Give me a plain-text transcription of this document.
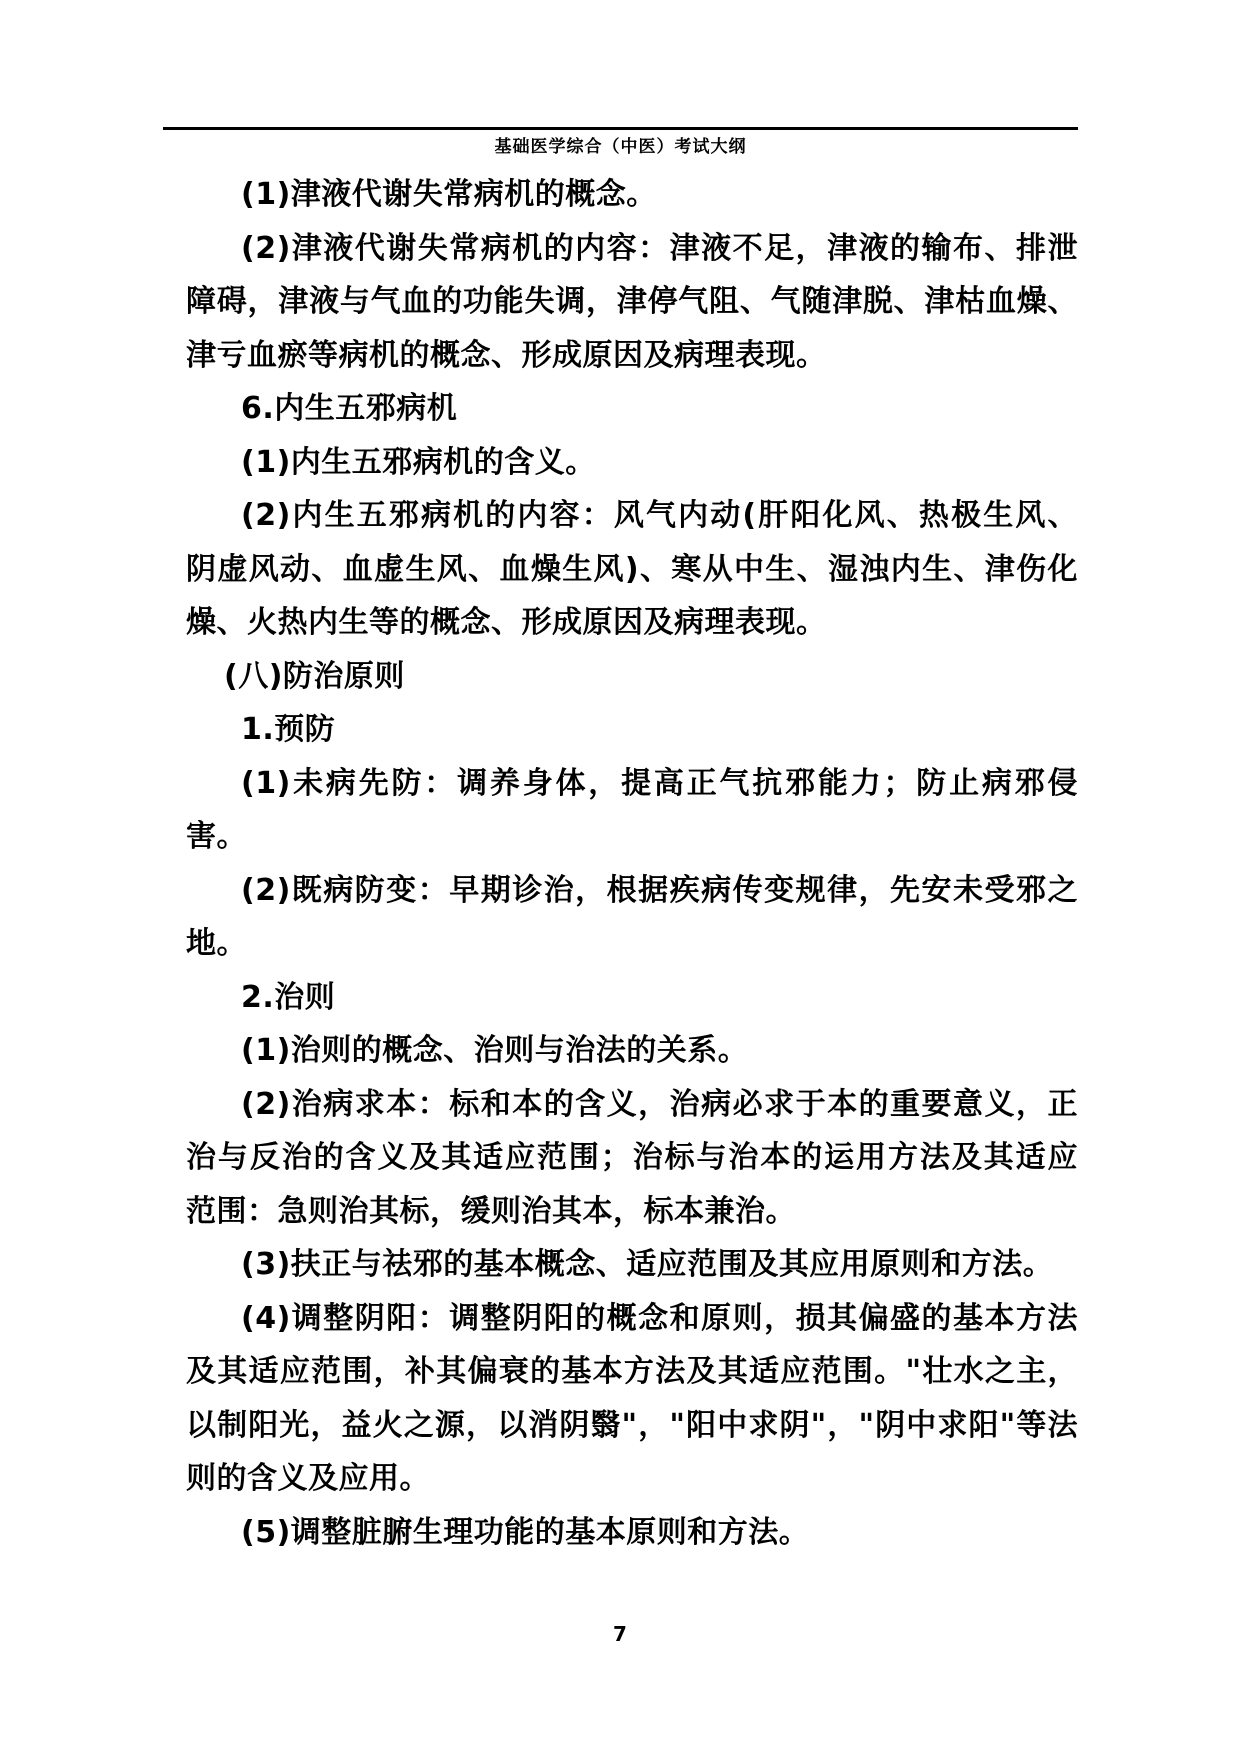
基础医学综合（中医）考试大纲
(1)津液代谢失常病机的概念。
(2)津液代谢失常病机的内容：津液不足，津液的输布、排泄
障碍，津液与气血的功能失调，津停气阻、气随津脱、津枯血燥、
津亏血瘀等病机的概念、形成原因及病理表现。
6.内生五邪病机
(1)内生五邪病机的含义。
(2)内生五邪病机的内容：风气内动(肝阳化风、热极生风、
阴虚风动、血虚生风、血燥生风)、寒从中生、湿浊内生、津伤化
燥、火热内生等的概念、形成原因及病理表现。
(八)防治原则
1.预防
(1)未病先防：调养身体，提高正气抗邪能力；防止病邪侵
害。
(2)既病防变：早期诊治，根据疾病传变规律，先安未受邪之
地。
2.治则
(1)治则的概念、治则与治法的关系。
(2)治病求本：标和本的含义，治病必求于本的重要意义，正
治与反治的含义及其适应范围；治标与治本的运用方法及其适应
范围：急则治其标，缓则治其本，标本兼治。
(3)扶正与祛邪的基本概念、适应范围及其应用原则和方法。
(4)调整阴阳：调整阴阳的概念和原则，损其偏盛的基本方法
及其适应范围，补其偏衰的基本方法及其适应范围。"壮水之主，
以制阳光，益火之源，以消阴翳"，"阳中求阴"，"阴中求阳"等法
则的含义及应用。
(5)调整脏腑生理功能的基本原则和方法。
7
